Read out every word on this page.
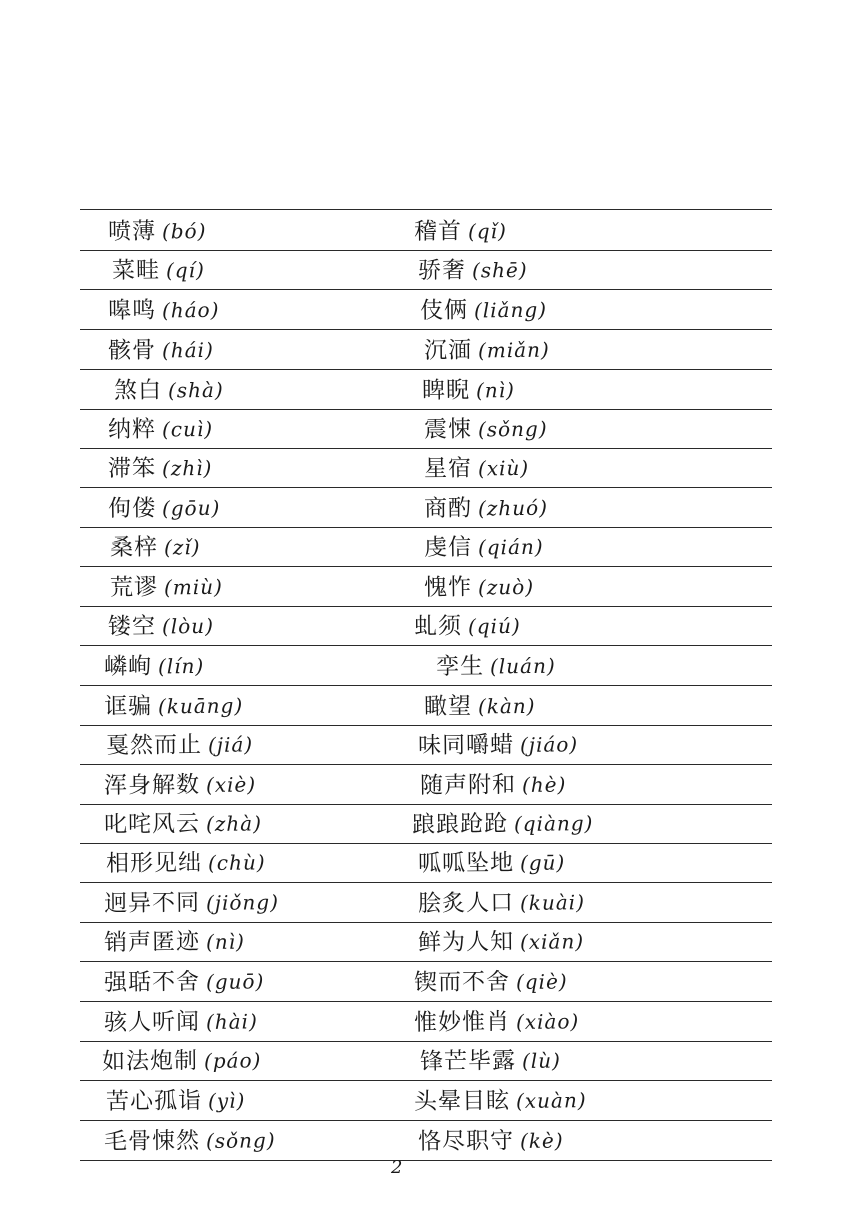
喷薄 (bó)
菜畦 (qí)
嗥鸣 (háo)
骸骨 (hái)
煞白 (shà)
纳粹 (cuì)
滞笨 (zhì)
佝偻 (gōu)
桑梓 (zǐ)
荒谬 (miù)
镂空 (lòu)
嶙峋 (lín)
诓骗 (kuāng)
戛然而止 (jiá)
浑身解数 (xiè)
叱咤风云 (zhà)
相形见绌 (chù)
迥异不同 (jiǒng)
销声匿迹 (nì)
强聒不舍 (guō)
骇人听闻 (hài)
如法炮制 (páo)
苦心孤诣 (yì)
毛骨悚然 (sǒng)
稽首 (qǐ)
骄奢 (shē)
伎俩 (liǎng)
沉湎 (miǎn)
睥睨 (nì)
震悚 (sǒng)
星宿 (xiù)
商酌 (zhuó)
虔信 (qián)
愧怍 (zuò)
虬须 (qiú)
孪生 (luán)
瞰望 (kàn)
味同嚼蜡 (jiáo)
随声附和 (hè)
踉踉跄跄 (qiàng)
呱呱坠地 (gū)
脍炙人口 (kuài)
鲜为人知 (xiǎn)
锲而不舍 (qiè)
惟妙惟肖 (xiào)
锋芒毕露 (lù)
头晕目眩 (xuàn)
恪尽职守 (kè)
2
